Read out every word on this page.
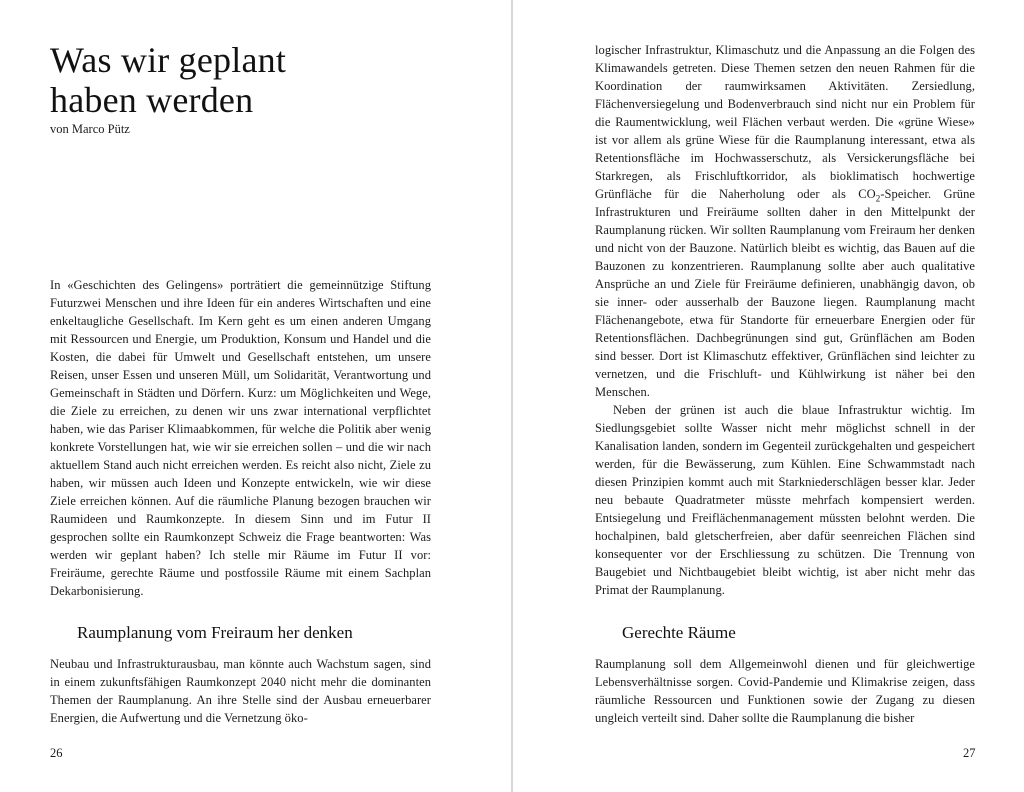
Was wir geplant
haben werden
von Marco Pütz

In «Geschichten des Gelingens» porträtiert die gemeinnützige Stiftung Futurzwei Menschen und ihre Ideen für ein anderes Wirtschaften und eine enkeltaugliche Gesellschaft. Im Kern geht es um einen anderen Umgang mit Ressourcen und Energie, um Produktion, Konsum und Handel und die Kosten, die dabei für Umwelt und Gesellschaft entstehen, um unsere Reisen, unser Essen und unseren Müll, um Solidarität, Verantwortung und Gemeinschaft in Städten und Dörfern. Kurz: um Möglichkeiten und Wege, die Ziele zu erreichen, zu denen wir uns zwar international verpflichtet haben, wie das Pariser Klimaabkommen, für welche die Politik aber wenig konkrete Vorstellungen hat, wie wir sie erreichen sollen – und die wir nach aktuellem Stand auch nicht erreichen werden. Es reicht also nicht, Ziele zu haben, wir müssen auch Ideen und Konzepte entwickeln, wie wir diese Ziele erreichen können. Auf die räumliche Planung bezogen brauchen wir Raumideen und Raumkonzepte. In diesem Sinn und im Futur II gesprochen sollte ein Raumkonzept Schweiz die Frage beantworten: Was werden wir geplant haben? Ich stelle mir Räume im Futur II vor: Freiräume, gerechte Räume und postfossile Räume mit einem Sachplan Dekarbonisierung.

Raumplanung vom Freiraum her denken

Neubau und Infrastrukturausbau, man könnte auch Wachstum sagen, sind in einem zukunftsfähigen Raumkonzept 2040 nicht mehr die dominanten Themen der Raumplanung. An ihre Stelle sind der Ausbau erneuerbarer Energien, die Aufwertung und die Vernetzung öko-

26

logischer Infrastruktur, Klimaschutz und die Anpassung an die Folgen des Klimawandels getreten. Diese Themen setzen den neuen Rahmen für die Koordination der raumwirksamen Aktivitäten. Zersiedlung, Flächenversiegelung und Bodenverbrauch sind nicht nur ein Problem für die Raumentwicklung, weil Flächen verbaut werden. Die «grüne Wiese» ist vor allem als grüne Wiese für die Raumplanung interessant, etwa als Retentionsfläche im Hochwasserschutz, als Versickerungsfläche bei Starkregen, als Frischluftkorridor, als bioklimatisch hochwertige Grünfläche für die Naherholung oder als $CO_2$-Speicher. Grüne Infrastrukturen und Freiräume sollten daher in den Mittelpunkt der Raumplanung rücken. Wir sollten Raumplanung vom Freiraum her denken und nicht von der Bauzone. Natürlich bleibt es wichtig, das Bauen auf die Bauzonen zu konzentrieren. Raumplanung sollte aber auch qualitative Ansprüche an und Ziele für Freiräume definieren, unabhängig davon, ob sie inner- oder ausserhalb der Bauzone liegen. Raumplanung macht Flächenangebote, etwa für Standorte für erneuerbare Energien oder für Retentionsflächen. Dachbegrünungen sind gut, Grünflächen am Boden sind besser. Dort ist Klimaschutz effektiver, Grünflächen sind leichter zu vernetzen, und die Frischluft- und Kühlwirkung ist näher bei den Menschen.

Neben der grünen ist auch die blaue Infrastruktur wichtig. Im Siedlungsgebiet sollte Wasser nicht mehr möglichst schnell in der Kanalisation landen, sondern im Gegenteil zurückgehalten und gespeichert werden, für die Bewässerung, zum Kühlen. Eine Schwammstadt nach diesen Prinzipien kommt auch mit Starkniederschlägen besser klar. Jeder neu bebaute Quadratmeter müsste mehrfach kompensiert werden. Entsiegelung und Freiflächenmanagement müssten belohnt werden. Die hochalpinen, bald gletscherfreien, aber dafür seenreichen Flächen sind konsequenter vor der Erschliessung zu schützen. Die Trennung von Baugebiet und Nichtbaugebiet bleibt wichtig, ist aber nicht mehr das Primat der Raumplanung.

Gerechte Räume

Raumplanung soll dem Allgemeinwohl dienen und für gleichwertige Lebensverhältnisse sorgen. Covid-Pandemie und Klimakrise zeigen, dass räumliche Ressourcen und Funktionen sowie der Zugang zu diesen ungleich verteilt sind. Daher sollte die Raumplanung die bisher

27
